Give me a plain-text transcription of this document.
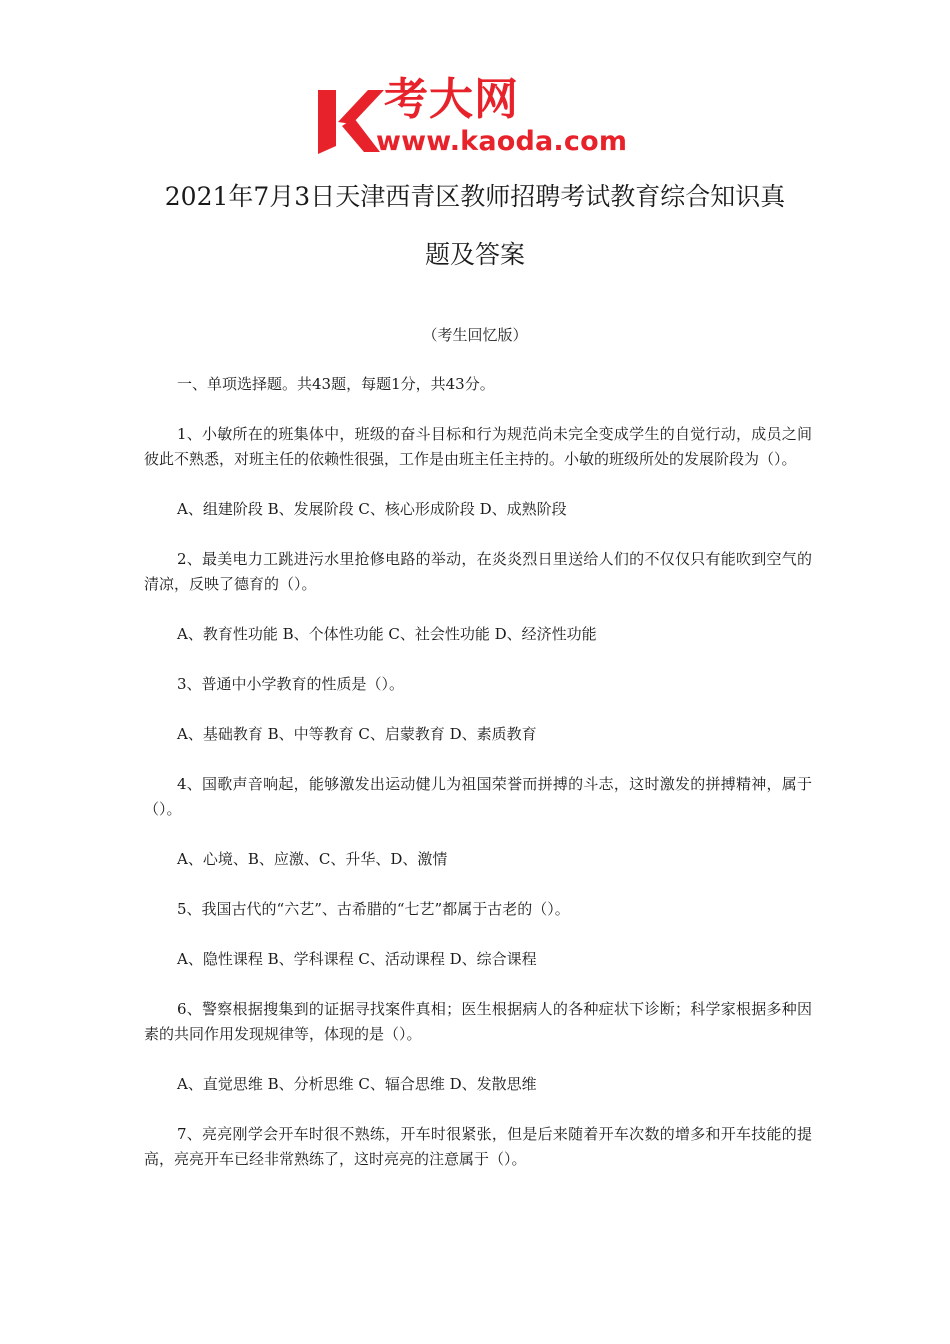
考大网
www.kaoda.com
2021年7月3日天津西青区教师招聘考试教育综合知识真
题及答案
（考生回忆版）

一、单项选择题。共43题，每题1分，共43分。

1、小敏所在的班集体中，班级的奋斗目标和行为规范尚未完全变成学生的自觉行动，成员之间彼此不熟悉，对班主任的依赖性很强，工作是由班主任主持的。小敏的班级所处的发展阶段为（）。

A、组建阶段 B、发展阶段 C、核心形成阶段 D、成熟阶段

2、最美电力工跳进污水里抢修电路的举动，在炎炎烈日里送给人们的不仅仅只有能吹到空气的清凉，反映了德育的（）。

A、教育性功能 B、个体性功能 C、社会性功能 D、经济性功能

3、普通中小学教育的性质是（）。

A、基础教育 B、中等教育 C、启蒙教育 D、素质教育

4、国歌声音响起，能够激发出运动健儿为祖国荣誉而拼搏的斗志，这时激发的拼搏精神，属于（）。

A、心境、B、应激、C、升华、D、激情

5、我国古代的“六艺”、古希腊的“七艺”都属于古老的（）。

A、隐性课程 B、学科课程 C、活动课程 D、综合课程

6、警察根据搜集到的证据寻找案件真相；医生根据病人的各种症状下诊断；科学家根据多种因素的共同作用发现规律等，体现的是（）。

A、直觉思维 B、分析思维 C、辐合思维 D、发散思维

7、亮亮刚学会开车时很不熟练，开车时很紧张，但是后来随着开车次数的增多和开车技能的提高，亮亮开车已经非常熟练了，这时亮亮的注意属于（）。
